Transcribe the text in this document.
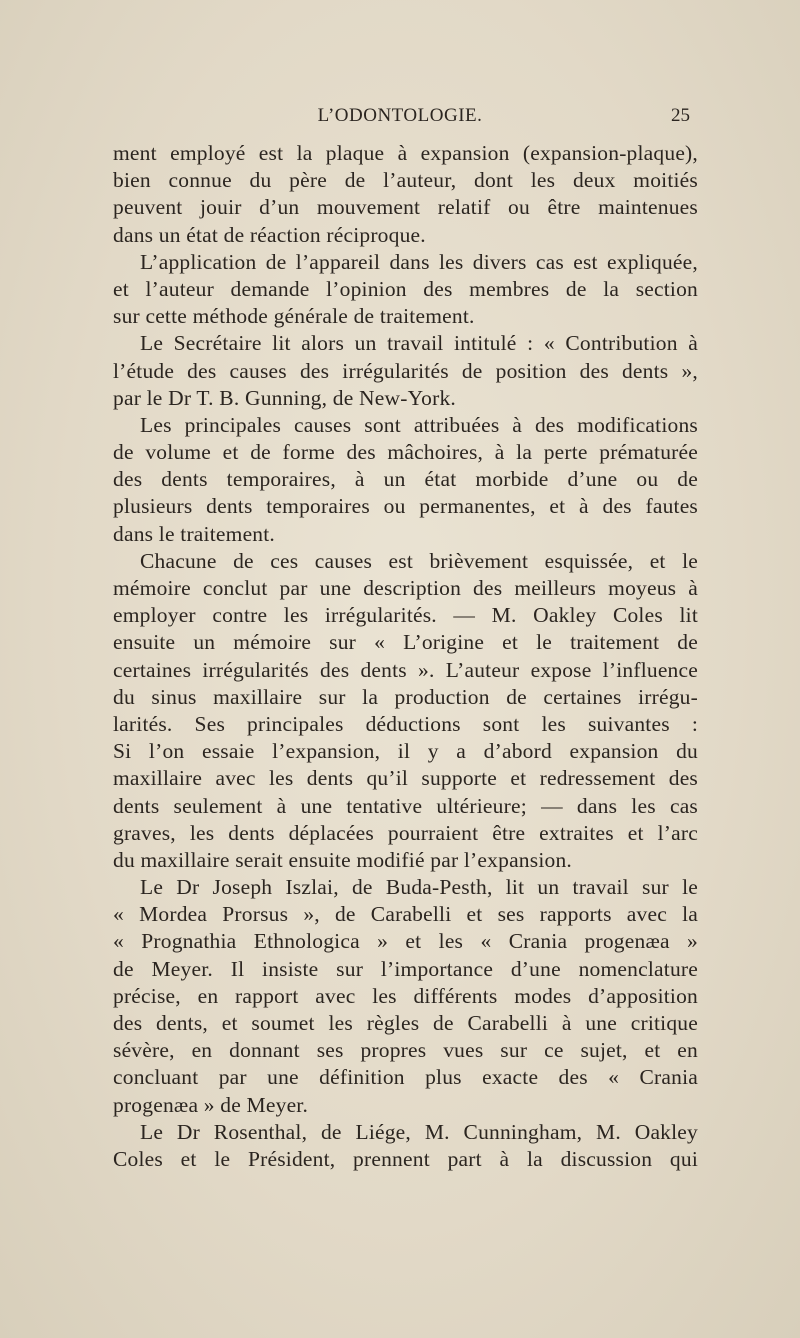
L’ODONTOLOGIE.	25
ment employé est la plaque à expansion (expansion-plaque),
bien connue du père de l’auteur, dont les deux moitiés
peuvent jouir d’un mouvement relatif ou être maintenues
dans un état de réaction réciproque.
L’application de l’appareil dans les divers cas est expliquée,
et l’auteur demande l’opinion des membres de la section
sur cette méthode générale de traitement.
Le Secrétaire lit alors un travail intitulé : « Contribution à
l’étude des causes des irrégularités de position des dents »,
par le Dr T. B. Gunning, de New-York.
Les principales causes sont attribuées à des modifications
de volume et de forme des mâchoires, à la perte prématurée
des dents temporaires, à un état morbide d’une ou de
plusieurs dents temporaires ou permanentes, et à des fautes
dans le traitement.
Chacune de ces causes est brièvement esquissée, et le
mémoire conclut par une description des meilleurs moyeus à
employer contre les irrégularités. — M. Oakley Coles lit
ensuite un mémoire sur « L’origine et le traitement de
certaines irrégularités des dents ». L’auteur expose l’influence
du sinus maxillaire sur la production de certaines irrégu-
larités. Ses principales déductions sont les suivantes :
Si l’on essaie l’expansion, il y a d’abord expansion du
maxillaire avec les dents qu’il supporte et redressement des
dents seulement à une tentative ultérieure; — dans les cas
graves, les dents déplacées pourraient être extraites et l’arc
du maxillaire serait ensuite modifié par l’expansion.
Le Dr Joseph Iszlai, de Buda-Pesth, lit un travail sur le
« Mordea Prorsus », de Carabelli et ses rapports avec la
« Prognathia Ethnologica » et les « Crania progenæa »
de Meyer. Il insiste sur l’importance d’une nomenclature
précise, en rapport avec les différents modes d’apposition
des dents, et soumet les règles de Carabelli à une critique
sévère, en donnant ses propres vues sur ce sujet, et en
concluant par une définition plus exacte des « Crania
progenæa » de Meyer.
Le Dr Rosenthal, de Liége, M. Cunningham, M. Oakley
Coles et le Président, prennent part à la discussion qui
